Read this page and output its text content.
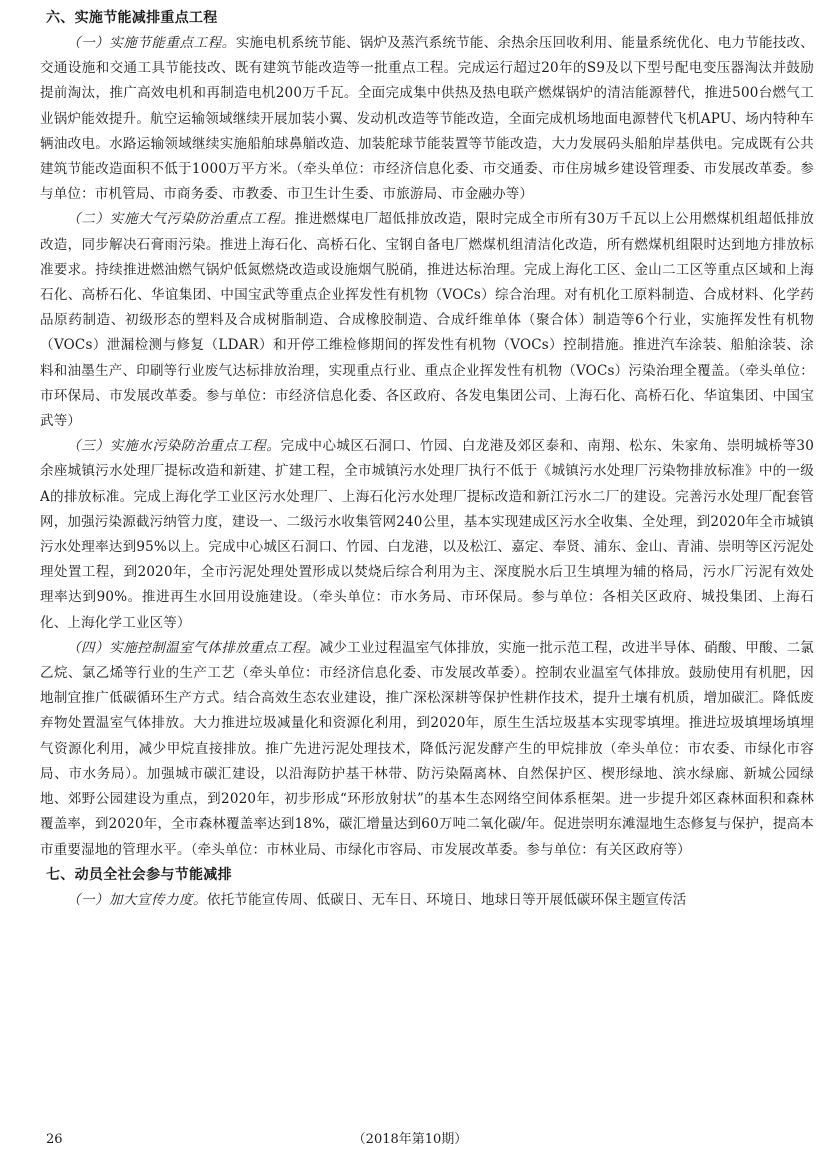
六、实施节能减排重点工程

（一）实施节能重点工程。实施电机系统节能、锅炉及蒸汽系统节能、余热余压回收利用、能量系统优化、电力节能技改、交通设施和交通工具节能技改、既有建筑节能改造等一批重点工程。完成运行超过20年的S9及以下型号配电变压器淘汰并鼓励提前淘汰，推广高效电机和再制造电机200万千瓦。全面完成集中供热及热电联产燃煤锅炉的清洁能源替代，推进500台燃气工业锅炉能效提升。航空运输领域继续开展加装小翼、发动机改造等节能改造，全面完成机场地面电源替代飞机APU、场内特种车辆油改电。水路运输领域继续实施船舶球鼻艏改造、加装舵球节能装置等节能改造，大力发展码头船舶岸基供电。完成既有公共建筑节能改造面积不低于1000万平方米。（牵头单位：市经济信息化委、市交通委、市住房城乡建设管理委、市发展改革委。参与单位：市机管局、市商务委、市教委、市卫生计生委、市旅游局、市金融办等）

（二）实施大气污染防治重点工程。推进燃煤电厂超低排放改造，限时完成全市所有30万千瓦以上公用燃煤机组超低排放改造，同步解决石膏雨污染。推进上海石化、高桥石化、宝钢自备电厂燃煤机组清洁化改造，所有燃煤机组限时达到地方排放标准要求。持续推进燃油燃气锅炉低氮燃烧改造或设施烟气脱硝，推进达标治理。完成上海化工区、金山二工区等重点区域和上海石化、高桥石化、华谊集团、中国宝武等重点企业挥发性有机物（VOCs）综合治理。对有机化工原料制造、合成材料、化学药品原药制造、初级形态的塑料及合成树脂制造、合成橡胶制造、合成纤维单体（聚合体）制造等6个行业，实施挥发性有机物（VOCs）泄漏检测与修复（LDAR）和开停工维检修期间的挥发性有机物（VOCs）控制措施。推进汽车涂装、船舶涂装、涂料和油墨生产、印刷等行业废气达标排放治理，实现重点行业、重点企业挥发性有机物（VOCs）污染治理全覆盖。（牵头单位：市环保局、市发展改革委。参与单位：市经济信息化委、各区政府、各发电集团公司、上海石化、高桥石化、华谊集团、中国宝武等）

（三）实施水污染防治重点工程。完成中心城区石洞口、竹园、白龙港及郊区泰和、南翔、松东、朱家角、崇明城桥等30余座城镇污水处理厂提标改造和新建、扩建工程，全市城镇污水处理厂执行不低于《城镇污水处理厂污染物排放标准》中的一级A的排放标准。完成上海化学工业区污水处理厂、上海石化污水处理厂提标改造和新江污水二厂的建设。完善污水处理厂配套管网，加强污染源截污纳管力度，建设一、二级污水收集管网240公里，基本实现建成区污水全收集、全处理，到2020年全市城镇污水处理率达到95%以上。完成中心城区石洞口、竹园、白龙港，以及松江、嘉定、奉贤、浦东、金山、青浦、崇明等区污泥处理处置工程，到2020年，全市污泥处理处置形成以焚烧后综合利用为主、深度脱水后卫生填埋为辅的格局，污水厂污泥有效处理率达到90%。推进再生水回用设施建设。（牵头单位：市水务局、市环保局。参与单位：各相关区政府、城投集团、上海石化、上海化学工业区等）

（四）实施控制温室气体排放重点工程。减少工业过程温室气体排放，实施一批示范工程，改进半导体、硝酸、甲酸、二氯乙烷、氯乙烯等行业的生产工艺（牵头单位：市经济信息化委、市发展改革委）。控制农业温室气体排放。鼓励使用有机肥，因地制宜推广低碳循环生产方式。结合高效生态农业建设，推广深松深耕等保护性耕作技术，提升土壤有机质，增加碳汇。降低废弃物处置温室气体排放。大力推进垃圾减量化和资源化利用，到2020年，原生生活垃圾基本实现零填埋。推进垃圾填埋场填埋气资源化利用，减少甲烷直接排放。推广先进污泥处理技术，降低污泥发酵产生的甲烷排放（牵头单位：市农委、市绿化市容局、市水务局）。加强城市碳汇建设，以沿海防护基干林带、防污染隔离林、自然保护区、楔形绿地、滨水绿廊、新城公园绿地、郊野公园建设为重点，到2020年，初步形成“环形放射状”的基本生态网络空间体系框架。进一步提升郊区森林面积和森林覆盖率，到2020年，全市森林覆盖率达到18%，碳汇增量达到60万吨二氧化碳/年。促进崇明东滩湿地生态修复与保护，提高本市重要湿地的管理水平。（牵头单位：市林业局、市绿化市容局、市发展改革委。参与单位：有关区政府等）

七、动员全社会参与节能减排

（一）加大宣传力度。依托节能宣传周、低碳日、无车日、环境日、地球日等开展低碳环保主题宣传活

26	（2018年第10期）
